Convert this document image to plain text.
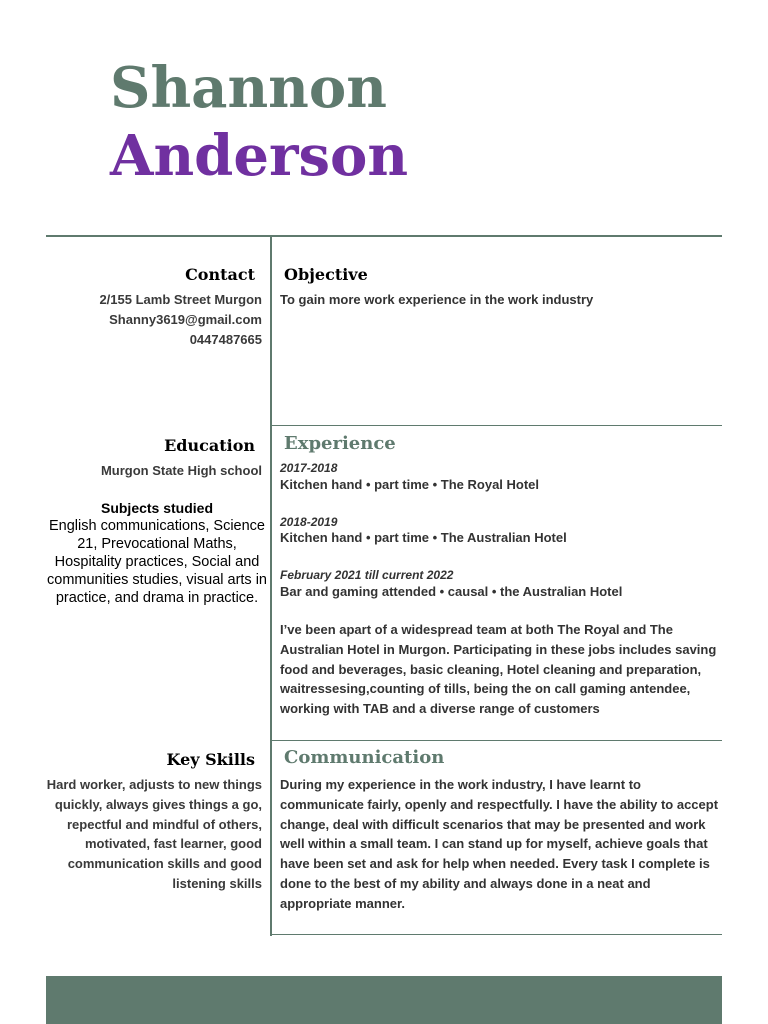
Shannon
Anderson
Contact
2/155 Lamb Street Murgon
Shanny3619@gmail.com
0447487665
Objective
To gain more work experience in the work industry
Education
Murgon State High school
Subjects studied
English communications, Science 21, Prevocational Maths, Hospitality practices, Social and communities studies, visual arts in practice, and drama in practice.
Experience
2017-2018
Kitchen hand • part time • The Royal Hotel
2018-2019
Kitchen hand • part time • The Australian Hotel
February 2021 till current 2022
Bar and gaming attended • causal • the Australian Hotel
I’ve been apart of a widespread team at both The Royal and The Australian Hotel in Murgon. Participating in these jobs includes saving food and beverages, basic cleaning, Hotel cleaning and preparation, waitressesing,counting of tills, being the on call gaming antendee, working with TAB and a diverse range of customers
Key Skills
Hard worker, adjusts to new things quickly, always gives things a go, repectful and mindful of others, motivated, fast learner, good communication skills and good listening skills
Communication
During my experience in the work industry, I have learnt to communicate fairly, openly and respectfully. I have the ability to accept change, deal with difficult scenarios that may be presented and work well within a small team. I can stand up for myself, achieve goals that have been set and ask for help when needed. Every task I complete is done to the best of my ability and always done in a neat and appropriate manner.
